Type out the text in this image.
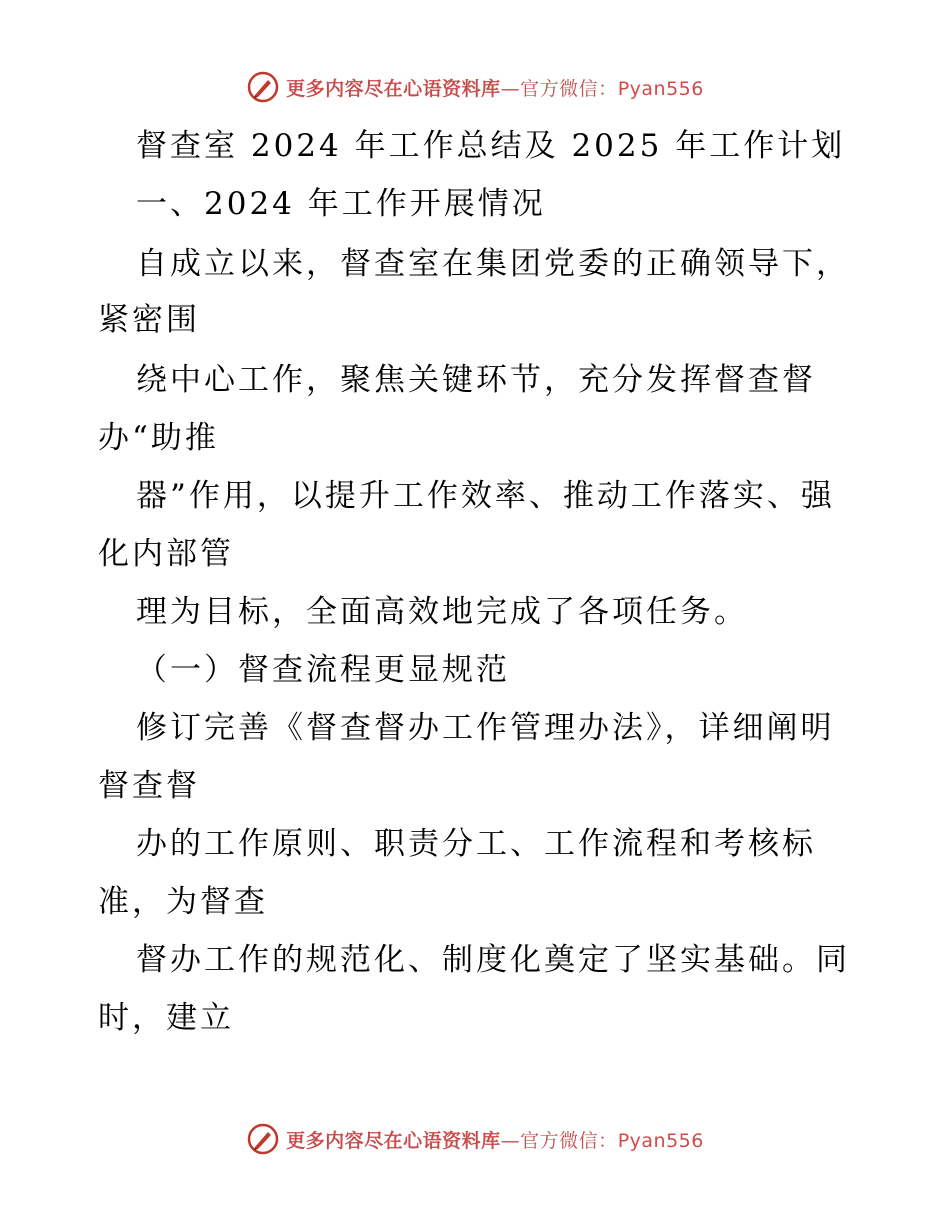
更多内容尽在心语资料库—官方微信：Pyan556
督查室 2024 年工作总结及 2025 年工作计划
一、2024 年工作开展情况
自成立以来，督查室在集团党委的正确领导下，
紧密围
绕中心工作，聚焦关键环节，充分发挥督查督
办“助推
器”作用，以提升工作效率、推动工作落实、强
化内部管
理为目标，全面高效地完成了各项任务。
（一）督查流程更显规范
修订完善《督查督办工作管理办法》，详细阐明
督查督
办的工作原则、职责分工、工作流程和考核标
准，为督查
督办工作的规范化、制度化奠定了坚实基础。同
时，建立
更多内容尽在心语资料库—官方微信：Pyan556
